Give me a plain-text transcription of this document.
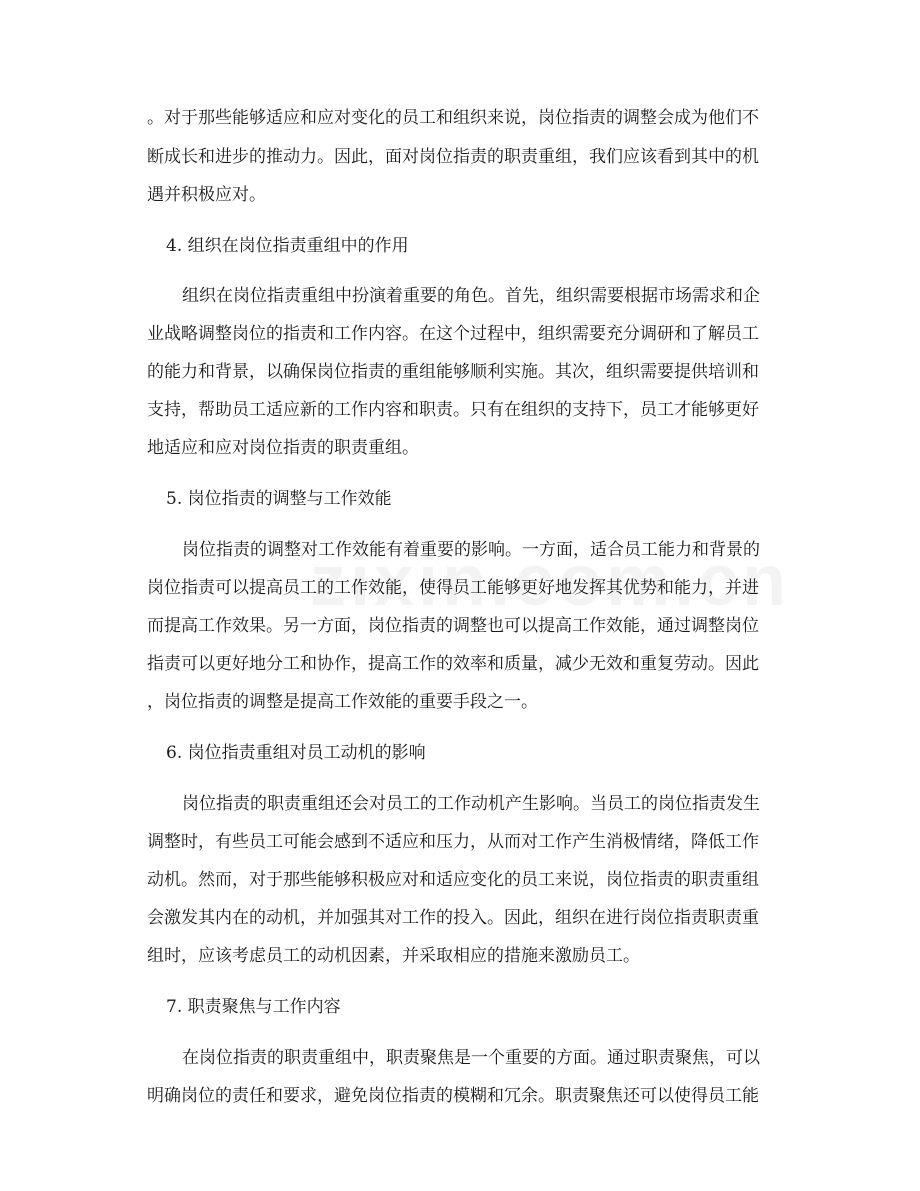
。对于那些能够适应和应对变化的员工和组织来说，岗位指责的调整会成为他们不

断成长和进步的推动力。因此，面对岗位指责的职责重组，我们应该看到其中的机

遇并积极应对。

4. 组织在岗位指责重组中的作用

组织在岗位指责重组中扮演着重要的角色。首先，组织需要根据市场需求和企

业战略调整岗位的指责和工作内容。在这个过程中，组织需要充分调研和了解员工

的能力和背景，以确保岗位指责的重组能够顺利实施。其次，组织需要提供培训和

支持，帮助员工适应新的工作内容和职责。只有在组织的支持下，员工才能够更好

地适应和应对岗位指责的职责重组。

5. 岗位指责的调整与工作效能

岗位指责的调整对工作效能有着重要的影响。一方面，适合员工能力和背景的

岗位指责可以提高员工的工作效能，使得员工能够更好地发挥其优势和能力，并进

而提高工作效果。另一方面，岗位指责的调整也可以提高工作效能，通过调整岗位

指责可以更好地分工和协作，提高工作的效率和质量，减少无效和重复劳动。因此

，岗位指责的调整是提高工作效能的重要手段之一。

6. 岗位指责重组对员工动机的影响

岗位指责的职责重组还会对员工的工作动机产生影响。当员工的岗位指责发生

调整时，有些员工可能会感到不适应和压力，从而对工作产生消极情绪，降低工作

动机。然而，对于那些能够积极应对和适应变化的员工来说，岗位指责的职责重组

会激发其内在的动机，并加强其对工作的投入。因此，组织在进行岗位指责职责重

组时，应该考虑员工的动机因素，并采取相应的措施来激励员工。

7. 职责聚焦与工作内容

在岗位指责的职责重组中，职责聚焦是一个重要的方面。通过职责聚焦，可以

明确岗位的责任和要求，避免岗位指责的模糊和冗余。职责聚焦还可以使得员工能
